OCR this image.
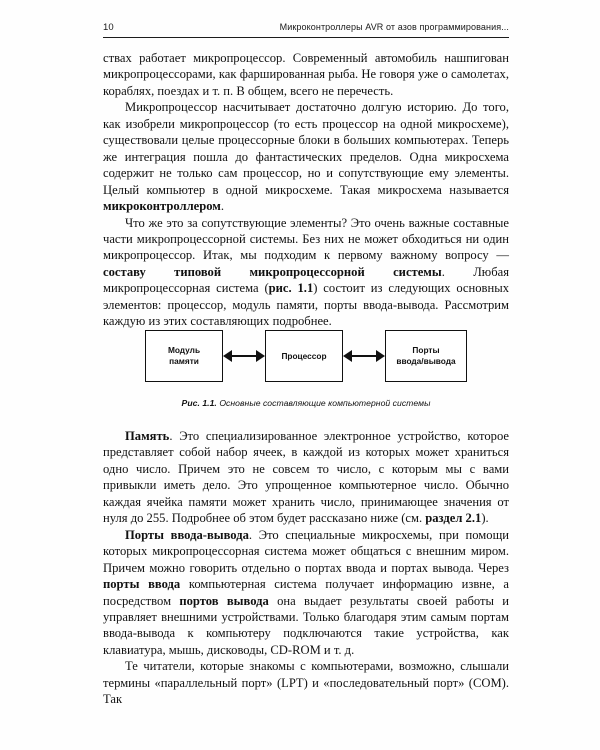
10	Микроконтроллеры AVR от азов программирования...

ствах работает микропроцессор. Современный автомобиль нашпигован микропроцессорами, как фаршированная рыба. Не говоря уже о самолетах, кораблях, поездах и т. п. В общем, всего не перечесть.

Микропроцессор насчитывает достаточно долгую историю. До того, как изобрели микропроцессор (то есть процессор на одной микросхеме), существовали целые процессорные блоки в больших компьютерах. Теперь же интеграция пошла до фантастических пределов. Одна микросхема содержит не только сам процессор, но и сопутствующие ему элементы. Целый компьютер в одной микросхеме. Такая микросхема называется микроконтроллером.

Что же это за сопутствующие элементы? Это очень важные составные части микропроцессорной системы. Без них не может обходиться ни один микропроцессор. Итак, мы подходим к первому важному вопросу — составу типовой микропроцессорной системы. Любая микропроцессорная система (рис. 1.1) состоит из следующих основных элементов: процессор, модуль памяти, порты ввода-вывода. Рассмотрим каждую из этих составляющих подробнее.

Модуль
памяти
Процессор
Порты
ввода/вывода
Рис. 1.1. Основные составляющие компьютерной системы

Память. Это специализированное электронное устройство, которое представляет собой набор ячеек, в каждой из которых может храниться одно число. Причем это не совсем то число, с которым мы с вами привыкли иметь дело. Это упрощенное компьютерное число. Обычно каждая ячейка памяти может хранить число, принимающее значения от нуля до 255. Подробнее об этом будет рассказано ниже (см. раздел 2.1).

Порты ввода-вывода. Это специальные микросхемы, при помощи которых микропроцессорная система может общаться с внешним миром. Причем можно говорить отдельно о портах ввода и портах вывода. Через порты ввода компьютерная система получает информацию извне, а посредством портов вывода она выдает результаты своей работы и управляет внешними устройствами. Только благодаря этим самым портам ввода-вывода к компьютеру подключаются такие устройства, как клавиатура, мышь, дисководы, CD-ROM и т. д.

Те читатели, которые знакомы с компьютерами, возможно, слышали термины «параллельный порт» (LPT) и «последовательный порт» (COM). Так
